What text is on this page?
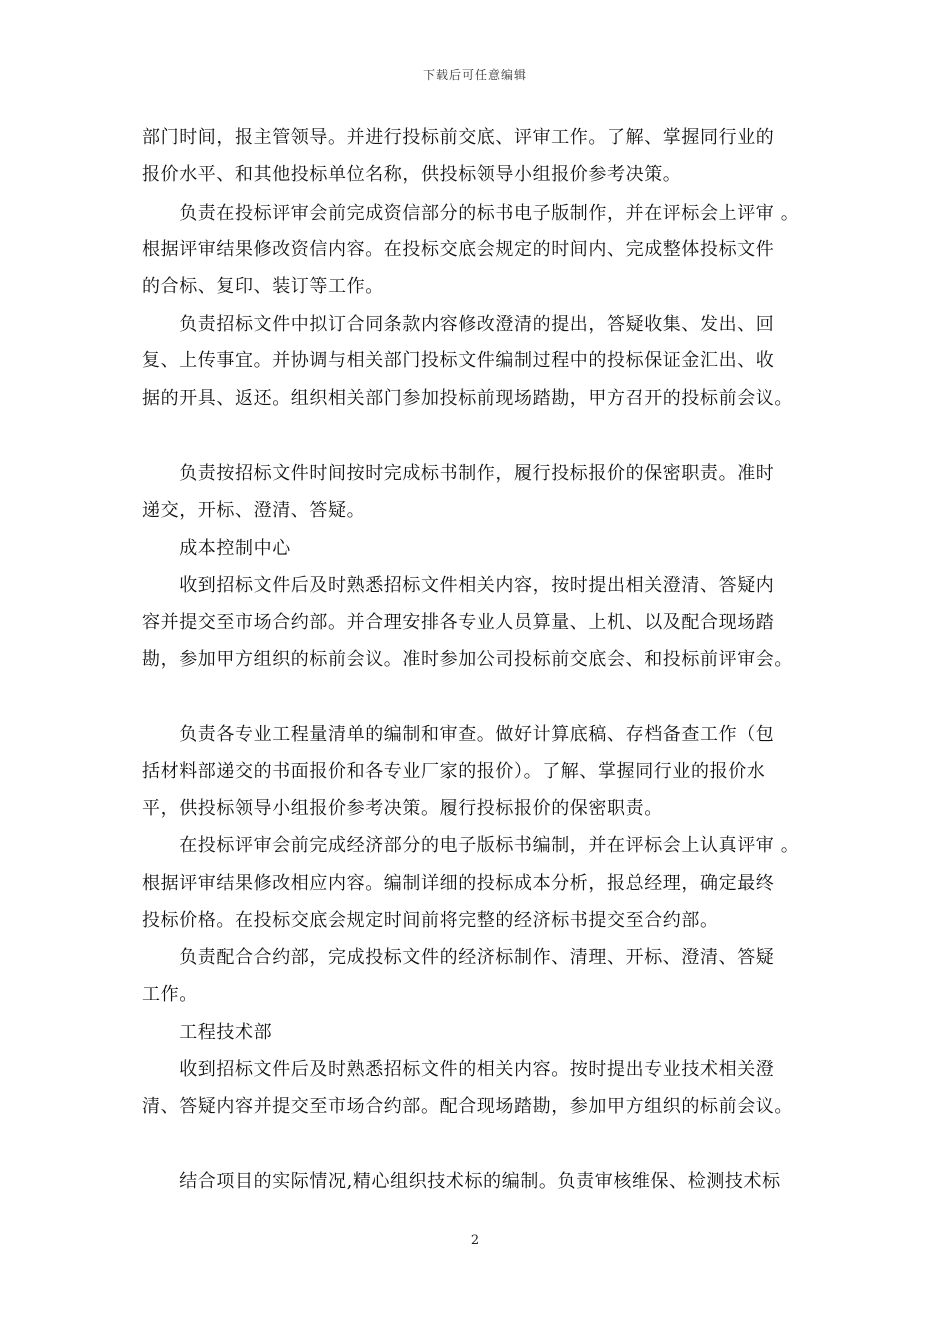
下载后可任意编辑
部门时间，报主管领导。并进行投标前交底、评审工作。了解、掌握同行业的
报价水平、和其他投标单位名称，供投标领导小组报价参考决策。
　　负责在投标评审会前完成资信部分的标书电子版制作，并在评标会上评审 。
根据评审结果修改资信内容。在投标交底会规定的时间内、完成整体投标文件
的合标、复印、装订等工作。
　　负责招标文件中拟订合同条款内容修改澄清的提出，答疑收集、发出、回
复、上传事宜。并协调与相关部门投标文件编制过程中的投标保证金汇出、收
据的开具、返还。组织相关部门参加投标前现场踏勘，甲方召开的投标前会议。
　　负责按招标文件时间按时完成标书制作，履行投标报价的保密职责。准时
递交，开标、澄清、答疑。
　　成本控制中心
　　收到招标文件后及时熟悉招标文件相关内容，按时提出相关澄清、答疑内
容并提交至市场合约部。并合理安排各专业人员算量、上机、以及配合现场踏
勘，参加甲方组织的标前会议。准时参加公司投标前交底会、和投标前评审会。
　　负责各专业工程量清单的编制和审查。做好计算底稿、存档备查工作（包
括材料部递交的书面报价和各专业厂家的报价）。了解、掌握同行业的报价水
平，供投标领导小组报价参考决策。履行投标报价的保密职责。
　　在投标评审会前完成经济部分的电子版标书编制，并在评标会上认真评审 。
根据评审结果修改相应内容。编制详细的投标成本分析，报总经理，确定最终
投标价格。在投标交底会规定时间前将完整的经济标书提交至合约部。
　　负责配合合约部，完成投标文件的经济标制作、清理、开标、澄清、答疑
工作。
　　工程技术部
　　收到招标文件后及时熟悉招标文件的相关内容。按时提出专业技术相关澄
清、答疑内容并提交至市场合约部。配合现场踏勘，参加甲方组织的标前会议。
　　结合项目的实际情况,精心组织技术标的编制。负责审核维保、检测技术标
2
